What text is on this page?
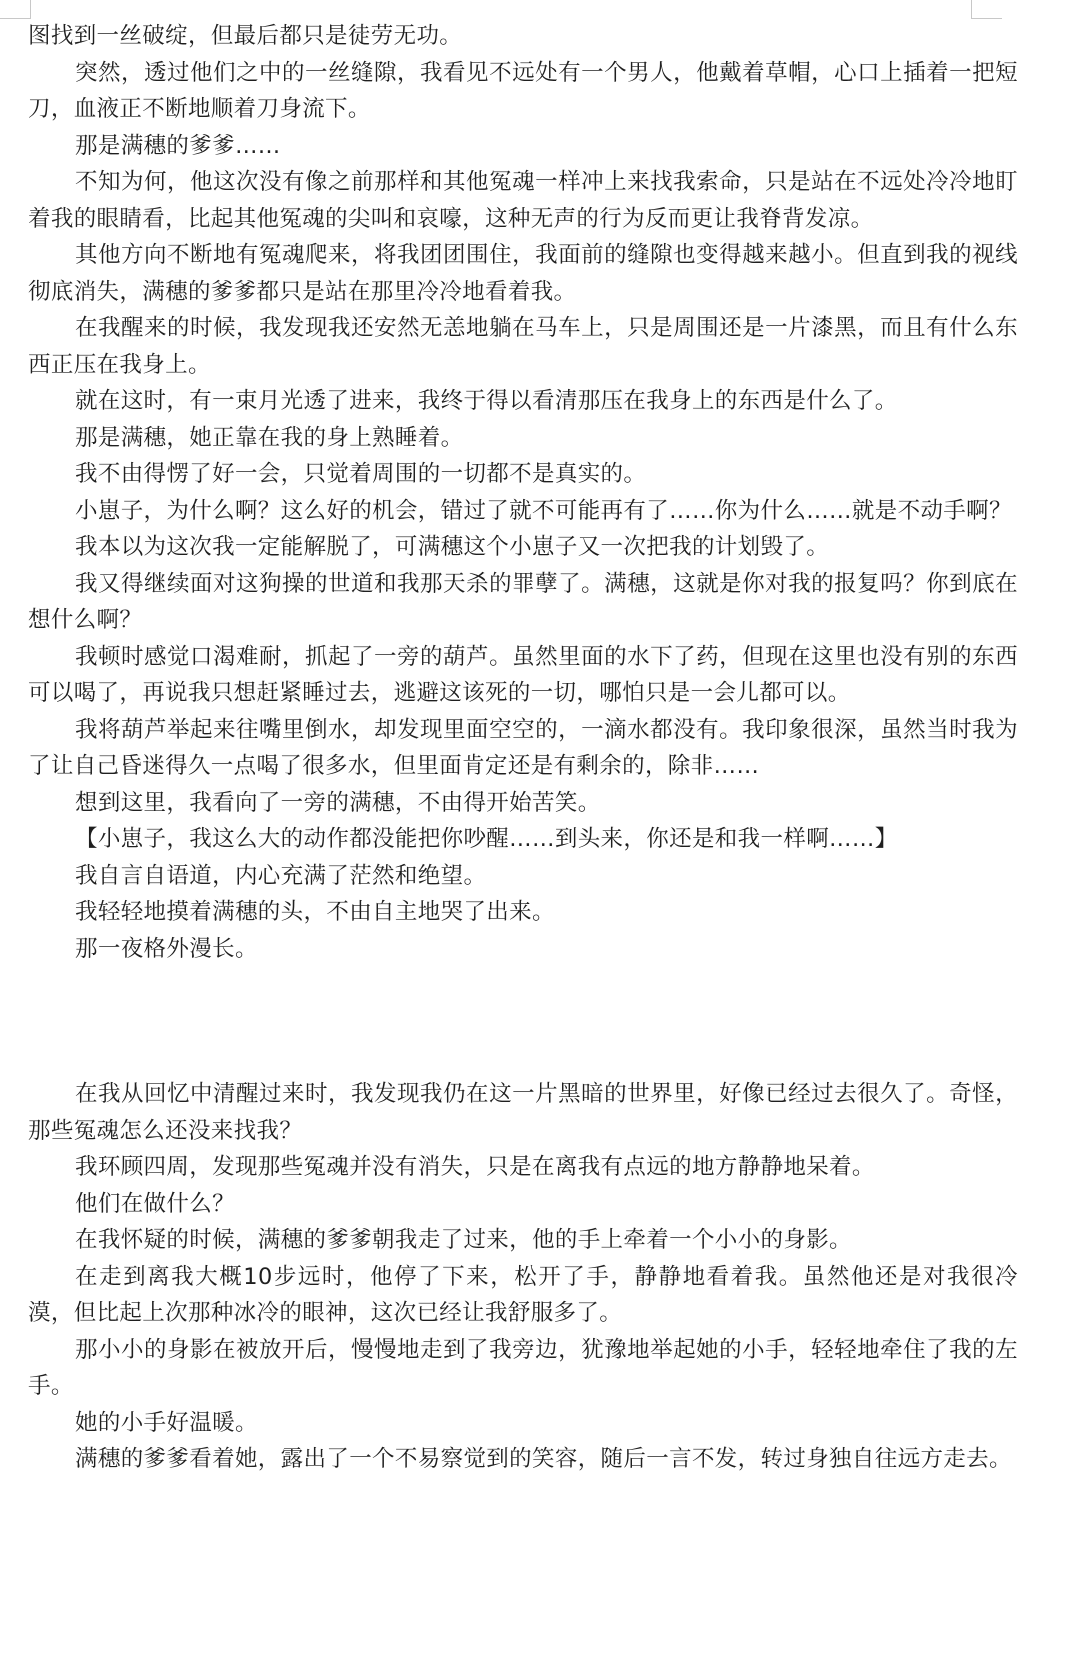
图找到一丝破绽，但最后都只是徒劳无功。

突然，透过他们之中的一丝缝隙，我看见不远处有一个男人，他戴着草帽，心口上插着一把短刀，血液正不断地顺着刀身流下。

那是满穗的爹爹……

不知为何，他这次没有像之前那样和其他冤魂一样冲上来找我索命，只是站在不远处冷冷地盯着我的眼睛看，比起其他冤魂的尖叫和哀嚎，这种无声的行为反而更让我脊背发凉。

其他方向不断地有冤魂爬来，将我团团围住，我面前的缝隙也变得越来越小。但直到我的视线彻底消失，满穗的爹爹都只是站在那里冷冷地看着我。

在我醒来的时候，我发现我还安然无恙地躺在马车上，只是周围还是一片漆黑，而且有什么东西正压在我身上。

就在这时，有一束月光透了进来，我终于得以看清那压在我身上的东西是什么了。

那是满穗，她正靠在我的身上熟睡着。

我不由得愣了好一会，只觉着周围的一切都不是真实的。

小崽子，为什么啊？这么好的机会，错过了就不可能再有了……你为什么……就是不动手啊？

我本以为这次我一定能解脱了，可满穗这个小崽子又一次把我的计划毁了。

我又得继续面对这狗操的世道和我那天杀的罪孽了。满穗，这就是你对我的报复吗？你到底在想什么啊？

我顿时感觉口渴难耐，抓起了一旁的葫芦。虽然里面的水下了药，但现在这里也没有别的东西可以喝了，再说我只想赶紧睡过去，逃避这该死的一切，哪怕只是一会儿都可以。

我将葫芦举起来往嘴里倒水，却发现里面空空的，一滴水都没有。我印象很深，虽然当时我为了让自己昏迷得久一点喝了很多水，但里面肯定还是有剩余的，除非……

想到这里，我看向了一旁的满穗，不由得开始苦笑。

【小崽子，我这么大的动作都没能把你吵醒……到头来，你还是和我一样啊……】

我自言自语道，内心充满了茫然和绝望。

我轻轻地摸着满穗的头，不由自主地哭了出来。

那一夜格外漫长。

在我从回忆中清醒过来时，我发现我仍在这一片黑暗的世界里，好像已经过去很久了。奇怪，那些冤魂怎么还没来找我？

我环顾四周，发现那些冤魂并没有消失，只是在离我有点远的地方静静地呆着。

他们在做什么？

在我怀疑的时候，满穗的爹爹朝我走了过来，他的手上牵着一个小小的身影。

在走到离我大概10步远时，他停了下来，松开了手，静静地看着我。虽然他还是对我很冷漠，但比起上次那种冰冷的眼神，这次已经让我舒服多了。

那小小的身影在被放开后，慢慢地走到了我旁边，犹豫地举起她的小手，轻轻地牵住了我的左手。

她的小手好温暖。

满穗的爹爹看着她，露出了一个不易察觉到的笑容，随后一言不发，转过身独自往远方走去。
